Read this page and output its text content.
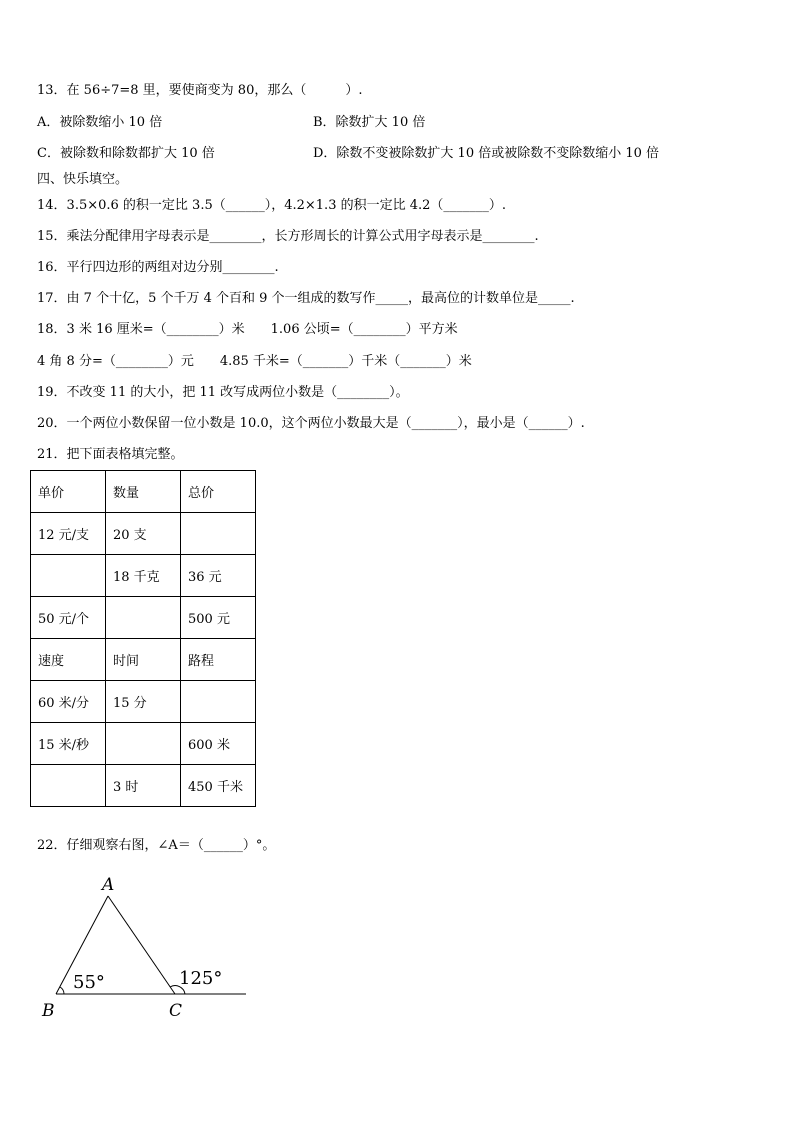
13．在 56÷7=8 里，要使商变为 80，那么（　　　）.
A．被除数缩小 10 倍	B．除数扩大 10 倍
C．被除数和除数都扩大 10 倍	D．除数不变被除数扩大 10 倍或被除数不变除数缩小 10 倍
四、快乐填空。
14．3.5×0.6 的积一定比 3.5（______），4.2×1.3 的积一定比 4.2（_______）.
15．乘法分配律用字母表示是________，长方形周长的计算公式用字母表示是________.
16．平行四边形的两组对边分别________.
17．由 7 个十亿，5 个千万 4 个百和 9 个一组成的数写作_____，最高位的计数单位是_____.
18．3 米 16 厘米=（________）米　　1.06 公顷=（________）平方米
4 角 8 分=（________）元　　4.85 千米=（_______）千米（_______）米
19．不改变 11 的大小，把 11 改写成两位小数是（________）。
20．一个两位小数保留一位小数是 10.0，这个两位小数最大是（_______），最小是（______）.
21．把下面表格填完整。
单价	数量	总价
12 元/支	20 支	
	18 千克	36 元
50 元/个		500 元
速度	时间	路程
60 米/分	15 分	
15 米/秒		600 米
	3 时	450 千米
22．仔细观察右图，∠A＝（______）°。
A
B	C
55°	125°
